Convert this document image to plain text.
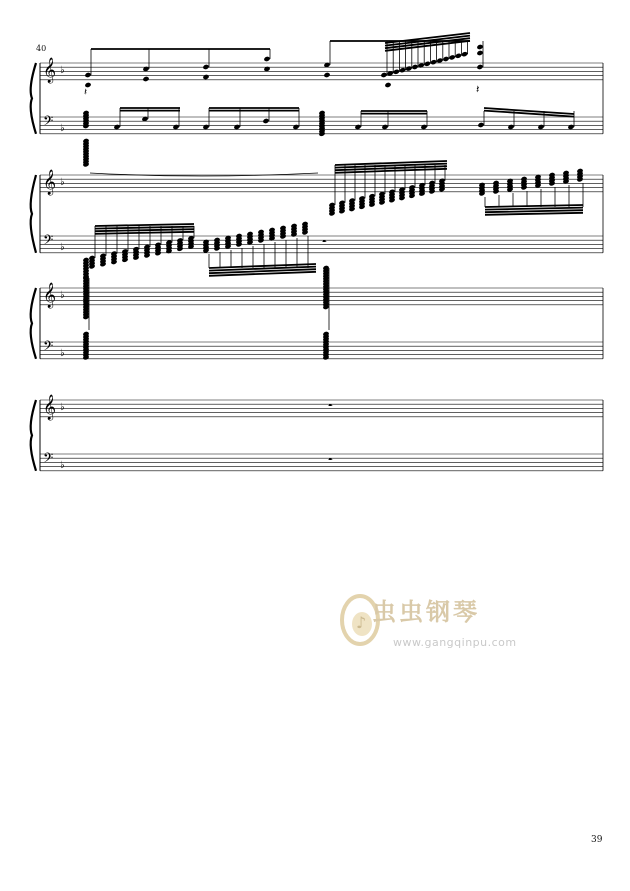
40
39
𝄞
𝄢
𝄞
𝄢
𝄞
𝄢
𝄞
𝄢
♭
♭
♭
♭
♭
♭
♭
♭
𝄽
𝄽
𝄼
𝄼
𝄼
♪ 虫虫钢琴
www.gangqinpu.com
